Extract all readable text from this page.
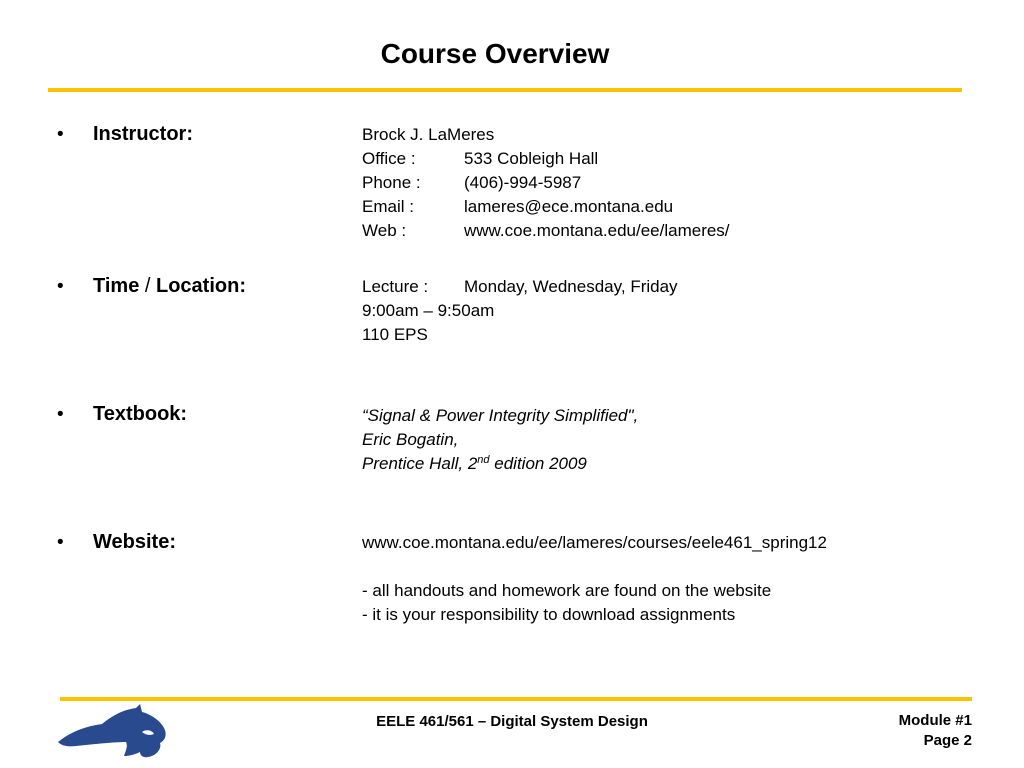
Course Overview
• Instructor:	Brock J. LaMeres
Office :	533 Cobleigh Hall
Phone :	(406)-994-5987
Email :	lameres@ece.montana.edu
Web :	www.coe.montana.edu/ee/lameres/
• Time / Location:	Lecture : Monday, Wednesday, Friday
9:00am – 9:50am
110 EPS
• Textbook:	“Signal & Power Integrity Simplified",
Eric Bogatin,
Prentice Hall, 2nd edition 2009
• Website:	www.coe.montana.edu/ee/lameres/courses/eele461_spring12
- all handouts and homework are found on the website
- it is your responsibility to download assignments
EELE 461/561 – Digital System Design	Module #1
Page 2
